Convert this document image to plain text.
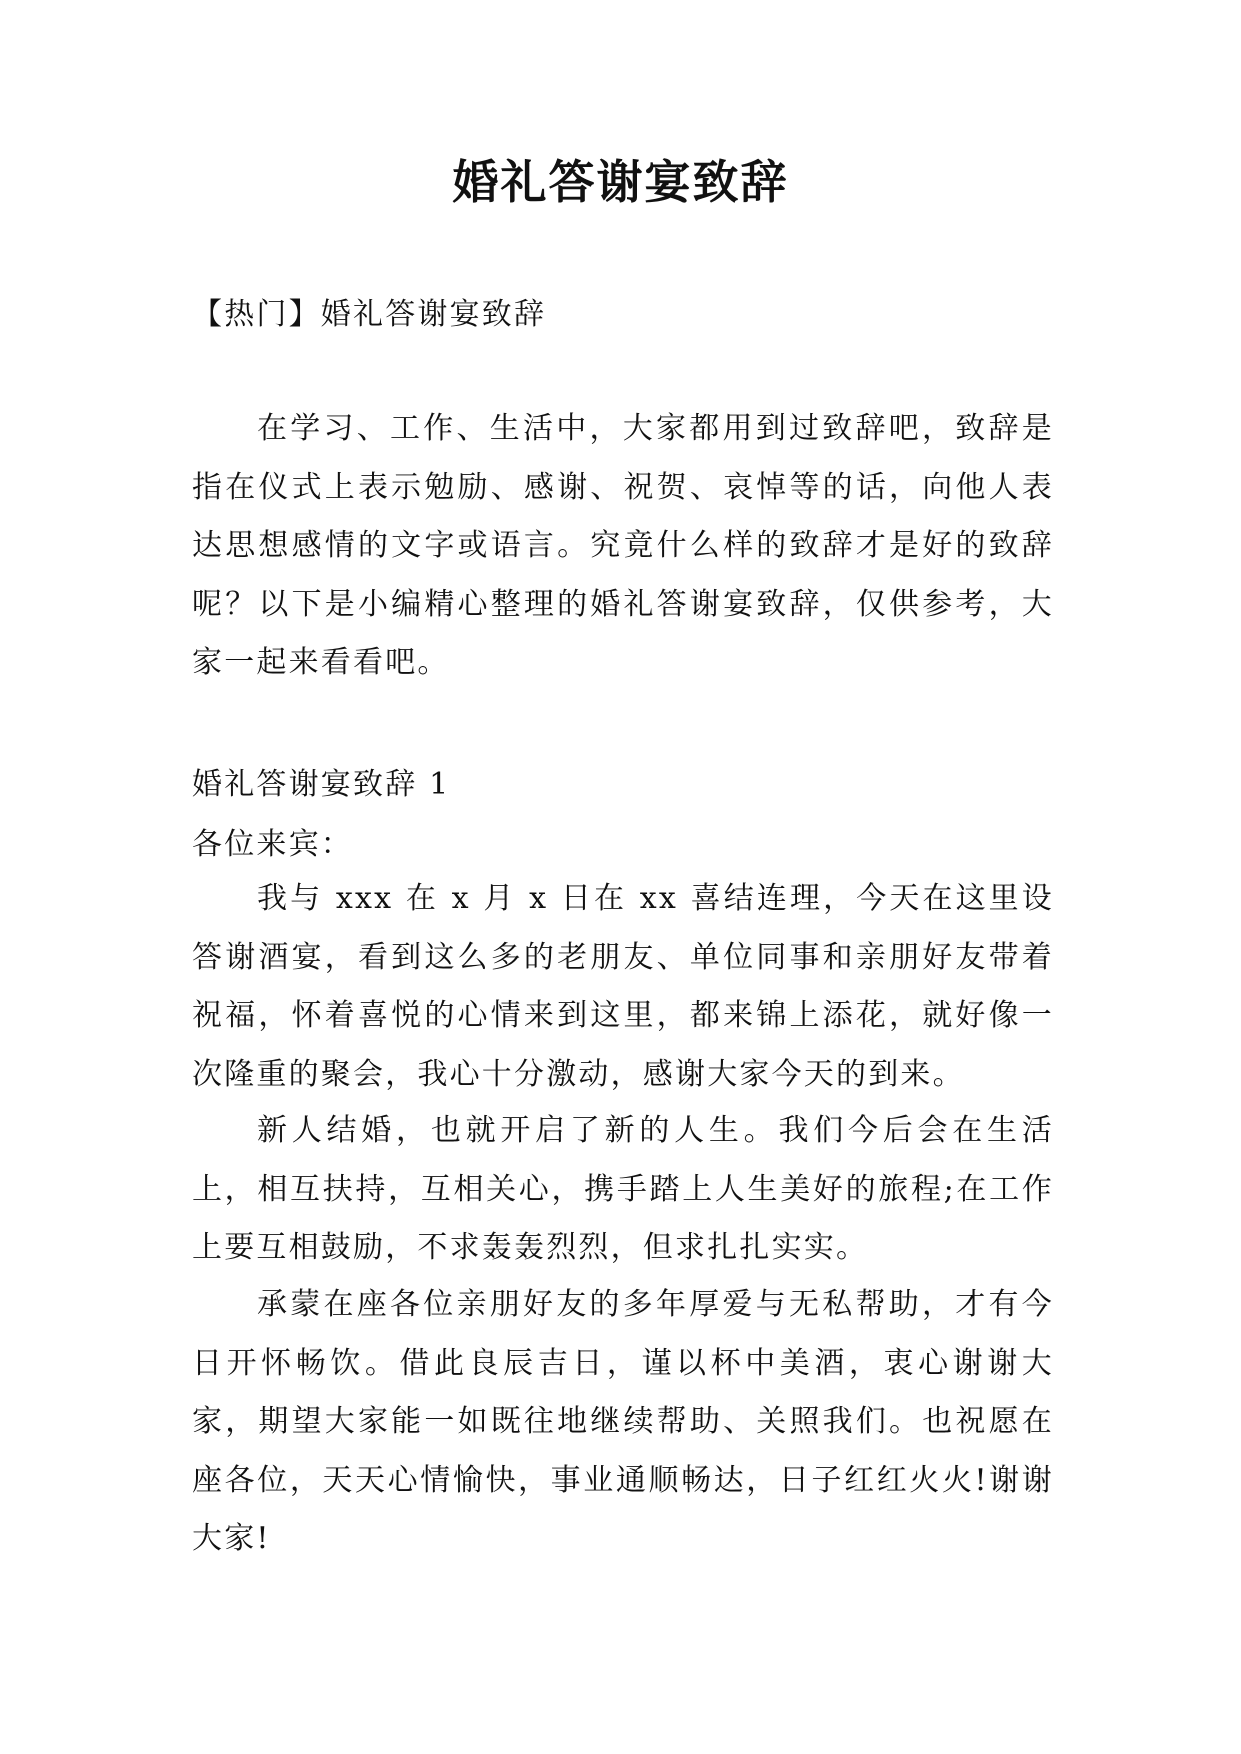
婚礼答谢宴致辞

【热门】婚礼答谢宴致辞

在学习、工作、生活中，大家都用到过致辞吧，致辞是指在仪式上表示勉励、感谢、祝贺、哀悼等的话，向他人表达思想感情的文字或语言。究竟什么样的致辞才是好的致辞呢？以下是小编精心整理的婚礼答谢宴致辞，仅供参考，大家一起来看看吧。

婚礼答谢宴致辞 1

各位来宾：

我与 xxx 在 x 月 x 日在 xx 喜结连理，今天在这里设答谢酒宴，看到这么多的老朋友、单位同事和亲朋好友带着祝福，怀着喜悦的心情来到这里，都来锦上添花，就好像一次隆重的聚会，我心十分激动，感谢大家今天的到来。

新人结婚，也就开启了新的人生。我们今后会在生活上，相互扶持，互相关心，携手踏上人生美好的旅程;在工作上要互相鼓励，不求轰轰烈烈，但求扎扎实实。

承蒙在座各位亲朋好友的多年厚爱与无私帮助，才有今日开怀畅饮。借此良辰吉日，谨以杯中美酒，衷心谢谢大家，期望大家能一如既往地继续帮助、关照我们。也祝愿在座各位，天天心情愉快，事业通顺畅达，日子红红火火!谢谢大家!
